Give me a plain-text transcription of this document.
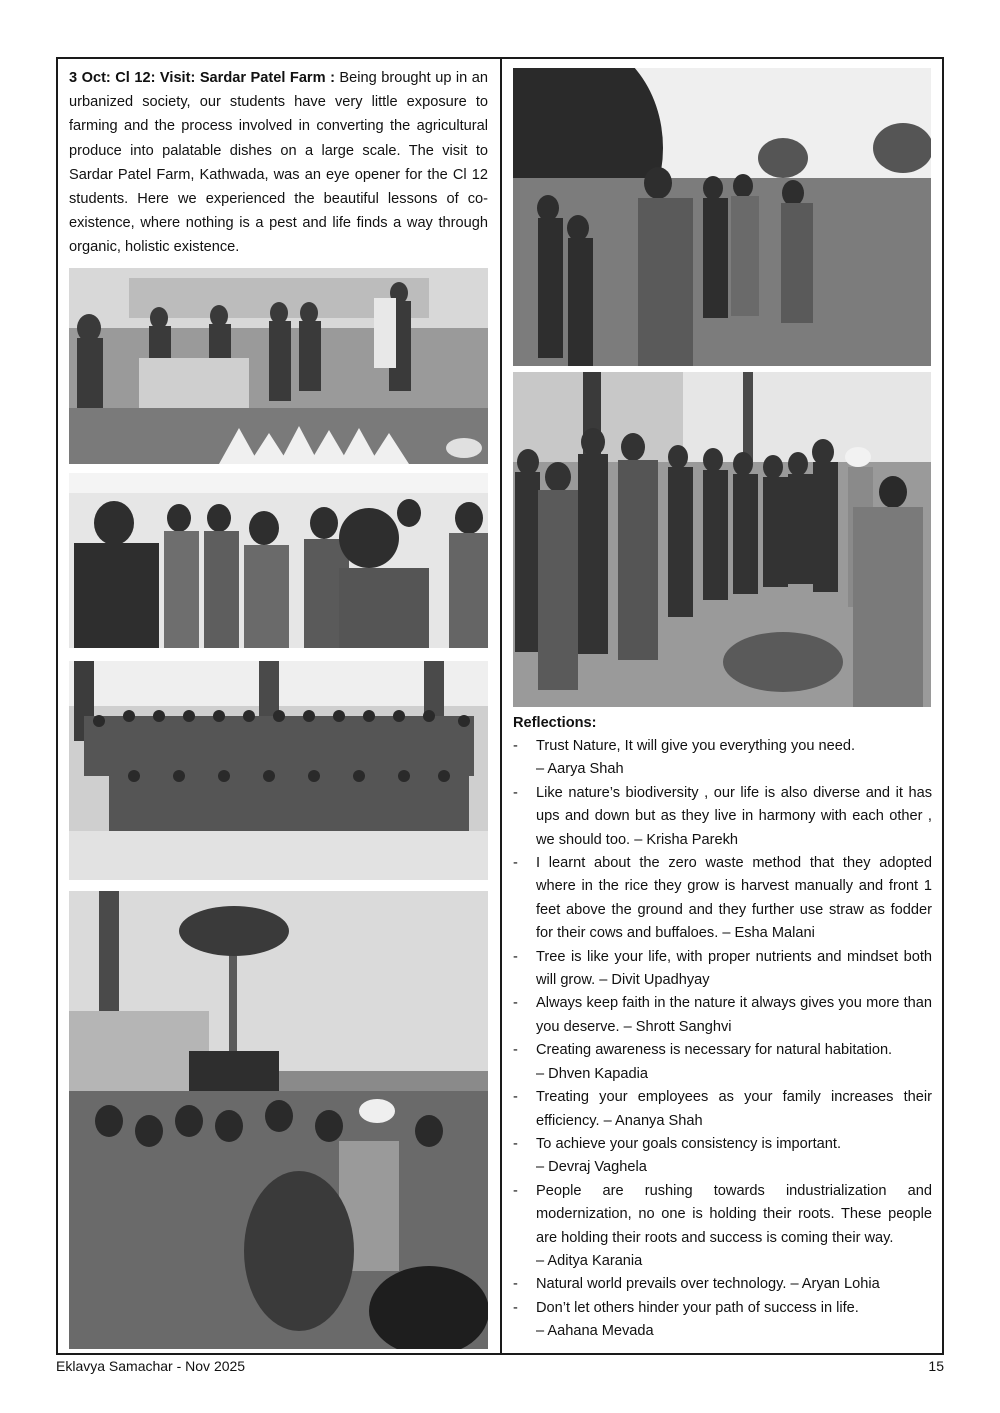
3 Oct: Cl 12: Visit: Sardar Patel Farm : Being brought up in an urbanized society, our students have very little exposure to farming and the process involved in converting the agricultural produce into palatable dishes on a large scale. The visit to Sardar Patel Farm, Kathwada, was an eye opener for the Cl 12 students. Here we experienced the beautiful lessons of co-existence, where nothing is a pest and life finds a way through organic, holistic existence.
Reflections:
- Trust Nature, It will give you everything you need.
– Aarya Shah
- Like nature’s biodiversity , our life is also diverse and it has ups and down but as they live in harmony with each other , we should too. – Krisha Parekh
- I learnt about the zero waste method that they adopted where in the rice they grow is harvest manually and front 1 feet above the ground and they further use straw as fodder for their cows and buffaloes. – Esha Malani
- Tree is like your life, with proper nutrients and mindset both will grow. – Divit Upadhyay
- Always keep faith in the nature it always gives you more than you deserve. – Shrott Sanghvi
- Creating awareness is necessary for natural habitation.
– Dhven Kapadia
- Treating your employees as your family increases their efficiency. – Ananya Shah
- To achieve your goals consistency is important.
– Devraj Vaghela
- People are rushing towards industrialization and modernization, no one is holding their roots. These people are holding their roots and success is coming their way.
– Aditya Karania
- Natural world prevails over technology. – Aryan Lohia
- Don’t let others hinder your path of success in life.
– Aahana Mevada
Eklavya Samachar - Nov 2025	15
